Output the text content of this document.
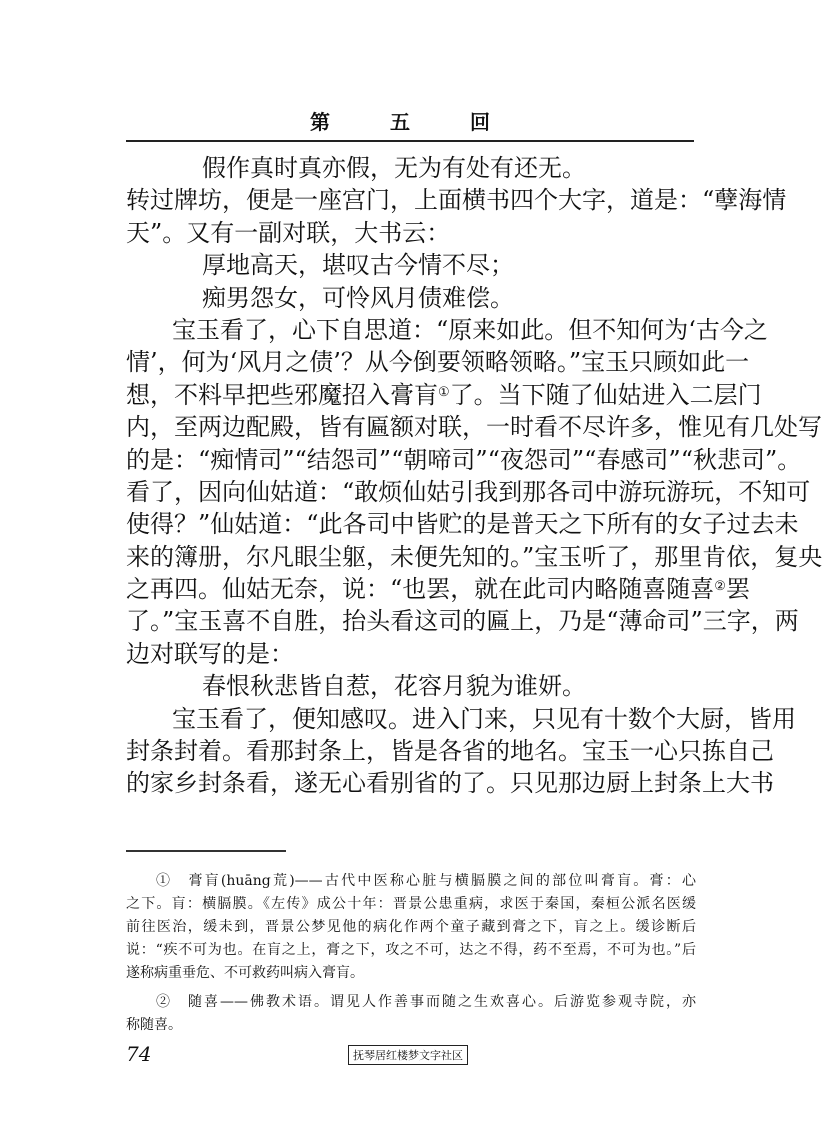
第	五	回
假作真时真亦假，无为有处有还无。
转过牌坊，便是一座宫门，上面横书四个大字，道是：“孽海情
天”。又有一副对联，大书云：
厚地高天，堪叹古今情不尽；
痴男怨女，可怜风月债难偿。
宝玉看了，心下自思道：“原来如此。但不知何为‘古今之
情’，何为‘风月之债’？从今倒要领略领略。”宝玉只顾如此一
想，不料早把些邪魔招入膏肓①了。当下随了仙姑进入二层门
内，至两边配殿，皆有匾额对联，一时看不尽许多，惟见有几处写
的是：“痴情司”“结怨司”“朝啼司”“夜怨司”“春感司”“秋悲司”。
看了，因向仙姑道：“敢烦仙姑引我到那各司中游玩游玩，不知可
使得？”仙姑道：“此各司中皆贮的是普天之下所有的女子过去未
来的簿册，尔凡眼尘躯，未便先知的。”宝玉听了，那里肯依，复央
之再四。仙姑无奈，说：“也罢，就在此司内略随喜随喜②罢
了。”宝玉喜不自胜，抬头看这司的匾上，乃是“薄命司”三字，两
边对联写的是：
春恨秋悲皆自惹，花容月貌为谁妍。
宝玉看了，便知感叹。进入门来，只见有十数个大厨，皆用
封条封着。看那封条上，皆是各省的地名。宝玉一心只拣自己
的家乡封条看，遂无心看别省的了。只见那边厨上封条上大书
①　膏肓(huāng荒)——古代中医称心脏与横膈膜之间的部位叫膏肓。膏：心
之下。肓：横膈膜。《左传》成公十年：晋景公患重病，求医于秦国，秦桓公派名医缓
前往医治，缓未到，晋景公梦见他的病化作两个童子藏到膏之下，肓之上。缓诊断后
说：“疾不可为也。在肓之上，膏之下，攻之不可，达之不得，药不至焉，不可为也。”后
遂称病重垂危、不可救药叫病入膏肓。
②　随喜——佛教术语。谓见人作善事而随之生欢喜心。后游览参观寺院，亦
称随喜。
74	抚琴居红楼梦文字社区
